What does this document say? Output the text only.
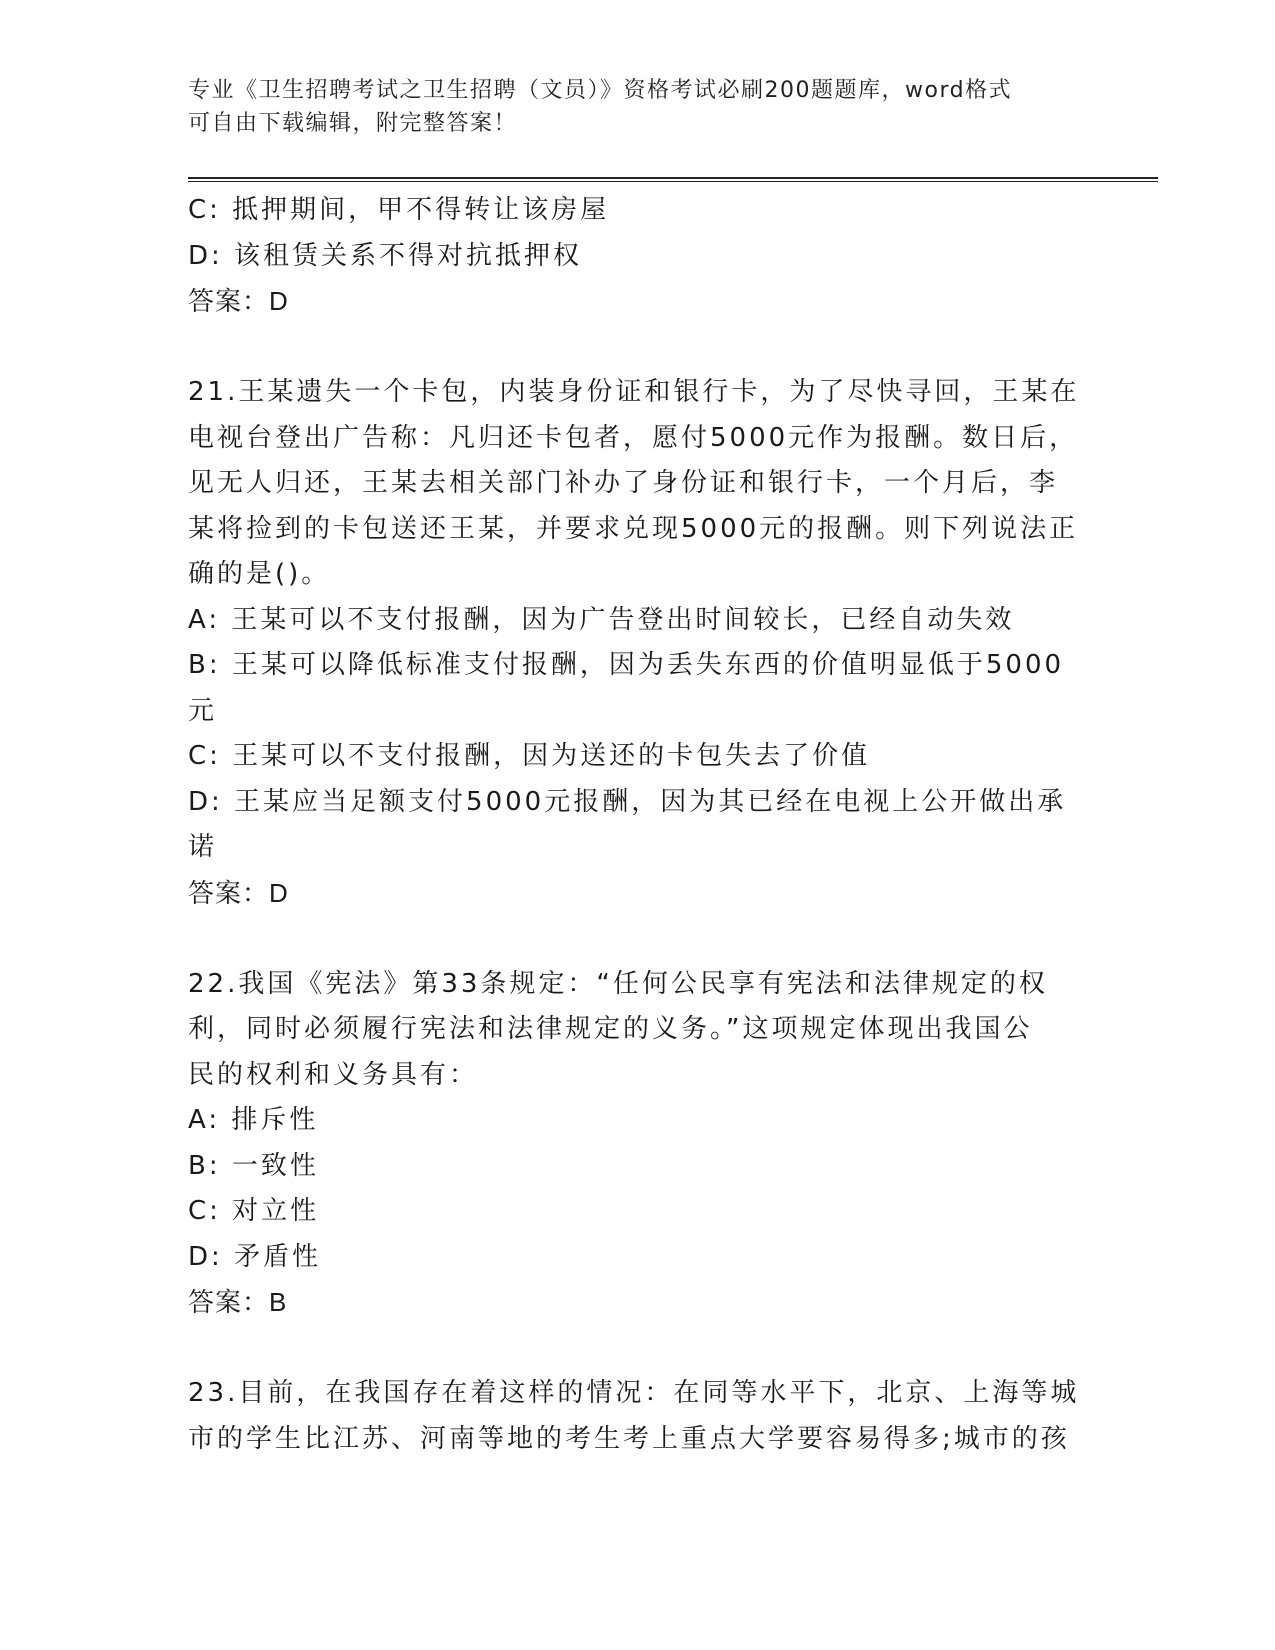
专业《卫生招聘考试之卫生招聘（文员）》资格考试必刷200题题库，word格式
可自由下载编辑，附完整答案！

C: 抵押期间，甲不得转让该房屋

D: 该租赁关系不得对抗抵押权

答案：D

21.王某遗失一个卡包，内装身份证和银行卡，为了尽快寻回，王某在

电视台登出广告称：凡归还卡包者，愿付5000元作为报酬。数日后，

见无人归还，王某去相关部门补办了身份证和银行卡，一个月后，李

某将捡到的卡包送还王某，并要求兑现5000元的报酬。则下列说法正

确的是()。

A: 王某可以不支付报酬，因为广告登出时间较长，已经自动失效

B: 王某可以降低标准支付报酬，因为丢失东西的价值明显低于5000

元

C: 王某可以不支付报酬，因为送还的卡包失去了价值

D: 王某应当足额支付5000元报酬，因为其已经在电视上公开做出承

诺

答案：D

22.我国《宪法》第33条规定：“任何公民享有宪法和法律规定的权

利，同时必须履行宪法和法律规定的义务。”这项规定体现出我国公

民的权利和义务具有：

A: 排斥性

B: 一致性

C: 对立性

D: 矛盾性

答案：B

23.目前，在我国存在着这样的情况：在同等水平下，北京、上海等城

市的学生比江苏、河南等地的考生考上重点大学要容易得多;城市的孩
